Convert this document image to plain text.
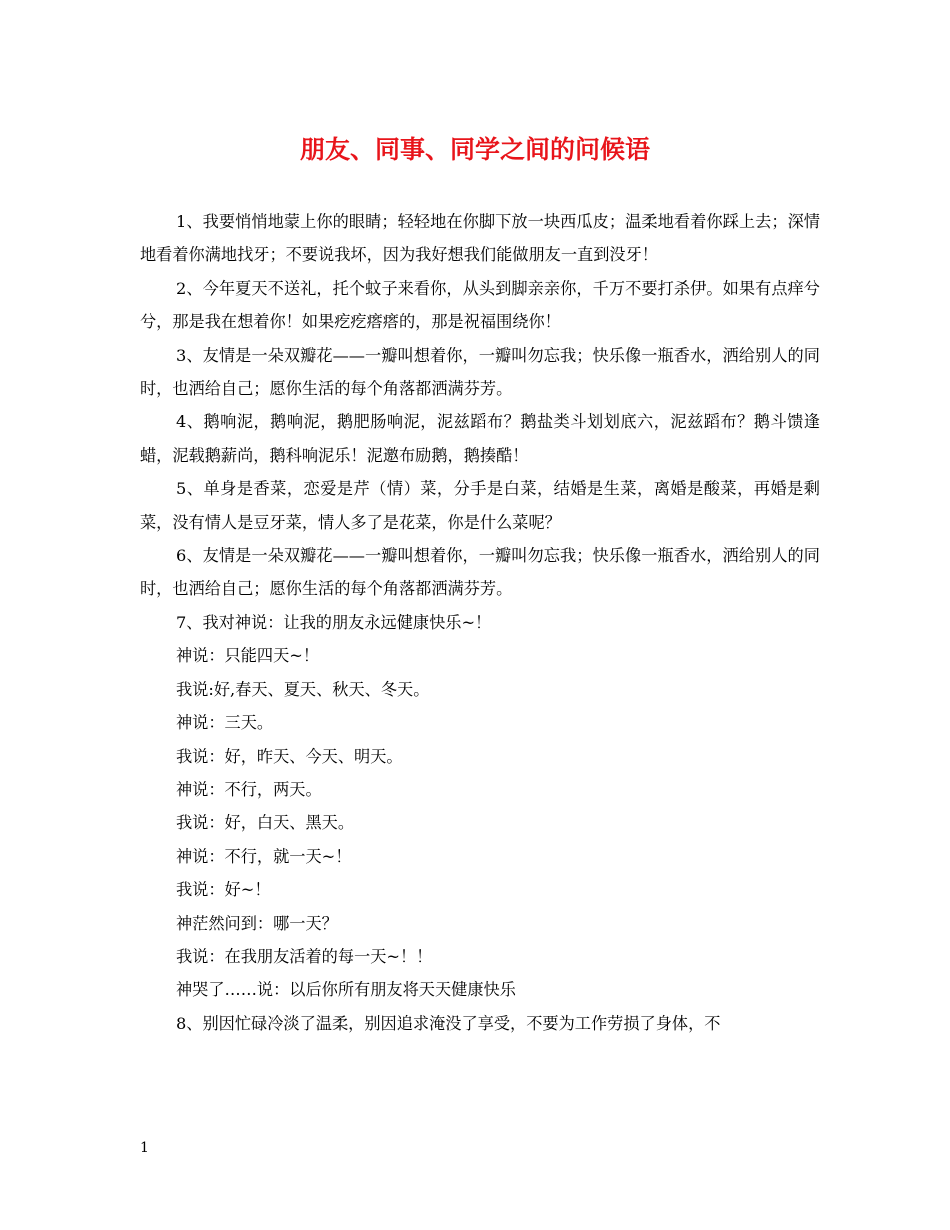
朋友、同事、同学之间的问候语

1、我要悄悄地蒙上你的眼睛；轻轻地在你脚下放一块西瓜皮；温柔地看着你踩上去；深情地看着你满地找牙；不要说我坏，因为我好想我们能做朋友一直到没牙！

2、今年夏天不送礼，托个蚊子来看你，从头到脚亲亲你，千万不要打杀伊。如果有点痒兮兮，那是我在想着你！如果疙疙瘩瘩的，那是祝福围绕你！

3、友情是一朵双瓣花——一瓣叫想着你，一瓣叫勿忘我；快乐像一瓶香水，洒给别人的同时，也洒给自己；愿你生活的每个角落都洒满芬芳。

4、鹅响泥，鹅响泥，鹅肥肠响泥，泥兹蹈布？鹅盐类斗划划底六，泥兹蹈布？鹅斗馈逢蜡，泥载鹅薪尚，鹅科响泥乐！泥邀布励鹅，鹅揍酷！

5、单身是香菜，恋爱是芹（情）菜，分手是白菜，结婚是生菜，离婚是酸菜，再婚是剩菜，没有情人是豆牙菜，情人多了是花菜，你是什么菜呢？

6、友情是一朵双瓣花——一瓣叫想着你，一瓣叫勿忘我；快乐像一瓶香水，洒给别人的同时，也洒给自己；愿你生活的每个角落都洒满芬芳。

7、我对神说：让我的朋友永远健康快乐~！

神说：只能四天~！

我说:好,春天、夏天、秋天、冬天。

神说：三天。

我说：好，昨天、今天、明天。

神说：不行，两天。

我说：好，白天、黑天。

神说：不行，就一天~！

我说：好~！

神茫然问到：哪一天？

我说：在我朋友活着的每一天~！！

神哭了……说：以后你所有朋友将天天健康快乐

8、别因忙碌冷淡了温柔，别因追求淹没了享受，不要为工作劳损了身体，不

1
